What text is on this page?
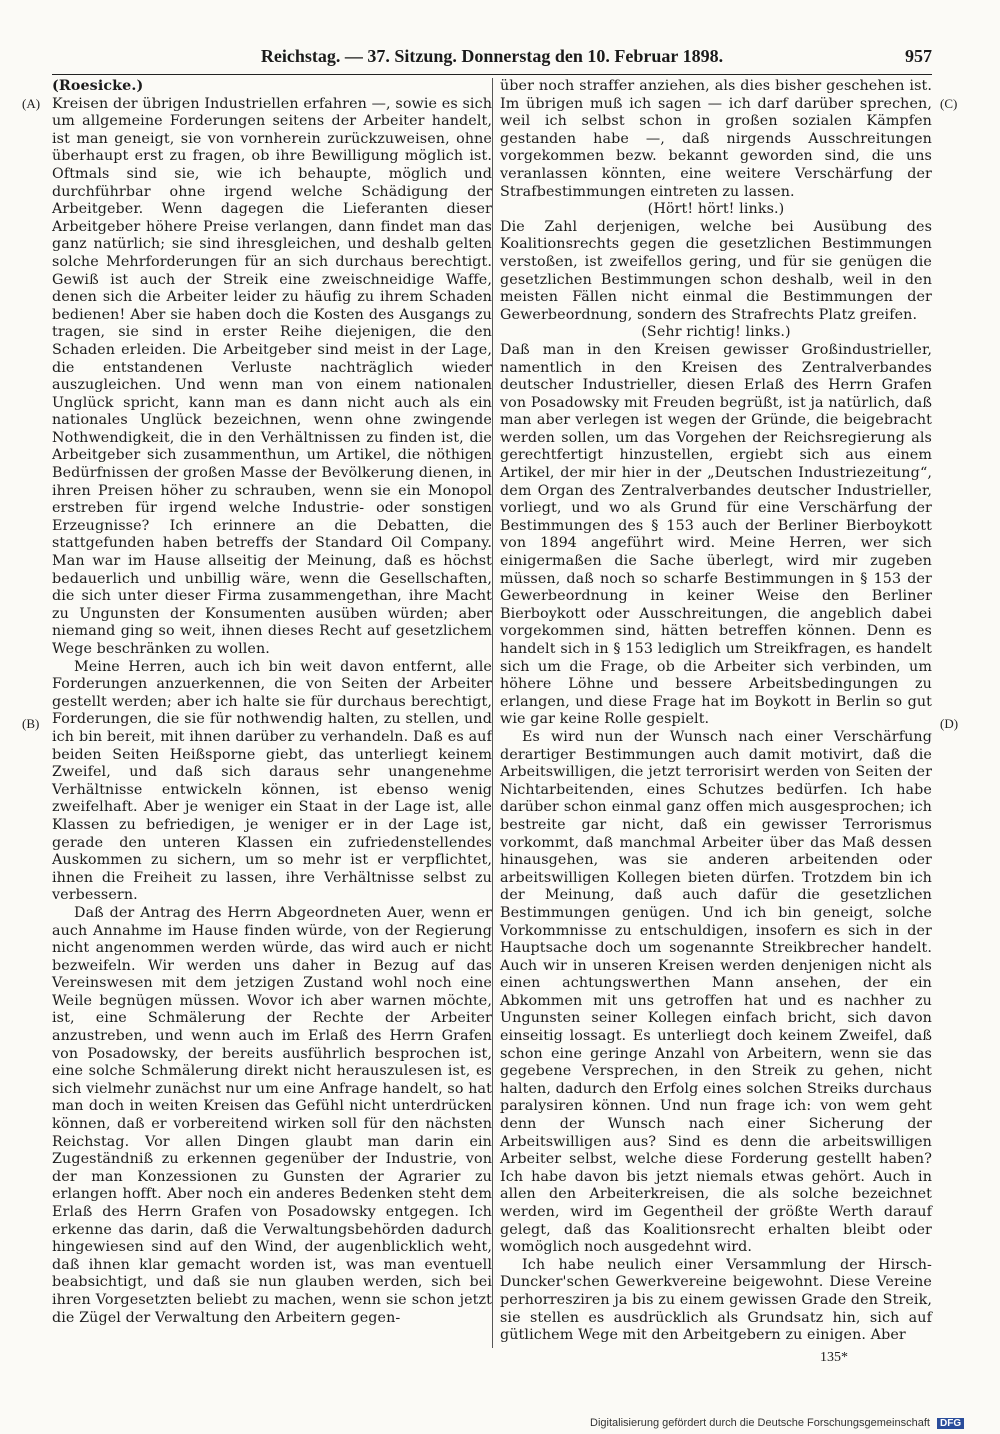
Reichstag. — 37. Sitzung. Donnerstag den 10. Februar 1898.	957
(A)
(B)
(C)
(D)

(Roesicke.)

Kreisen der übrigen Industriellen erfahren —, sowie es sich um allgemeine Forderungen seitens der Arbeiter handelt, ist man geneigt, sie von vornherein zurückzuweisen, ohne überhaupt erst zu fragen, ob ihre Bewilligung möglich ist. Oftmals sind sie, wie ich behaupte, möglich und durchführbar ohne irgend welche Schädigung der Arbeitgeber. Wenn dagegen die Lieferanten dieser Arbeitgeber höhere Preise verlangen, dann findet man das ganz natürlich; sie sind ihresgleichen, und deshalb gelten solche Mehrforderungen für an sich durchaus berechtigt. Gewiß ist auch der Streik eine zweischneidige Waffe, denen sich die Arbeiter leider zu häufig zu ihrem Schaden bedienen! Aber sie haben doch die Kosten des Ausgangs zu tragen, sie sind in erster Reihe diejenigen, die den Schaden erleiden. Die Arbeitgeber sind meist in der Lage, die entstandenen Verluste nachträglich wieder auszugleichen. Und wenn man von einem nationalen Unglück spricht, kann man es dann nicht auch als ein nationales Unglück bezeichnen, wenn ohne zwingende Nothwendigkeit, die in den Verhältnissen zu finden ist, die Arbeitgeber sich zusammenthun, um Artikel, die nöthigen Bedürfnissen der großen Masse der Bevölkerung dienen, in ihren Preisen höher zu schrauben, wenn sie ein Monopol erstreben für irgend welche Industrie- oder sonstigen Erzeugnisse? Ich erinnere an die Debatten, die stattgefunden haben betreffs der Standard Oil Company. Man war im Hause allseitig der Meinung, daß es höchst bedauerlich und unbillig wäre, wenn die Gesellschaften, die sich unter dieser Firma zusammengethan, ihre Macht zu Ungunsten der Konsumenten ausüben würden; aber niemand ging so weit, ihnen dieses Recht auf gesetzlichem Wege beschränken zu wollen.

Meine Herren, auch ich bin weit davon entfernt, alle Forderungen anzuerkennen, die von Seiten der Arbeiter gestellt werden; aber ich halte sie für durchaus berechtigt, Forderungen, die sie für nothwendig halten, zu stellen, und ich bin bereit, mit ihnen darüber zu verhandeln. Daß es auf beiden Seiten Heißsporne giebt, das unterliegt keinem Zweifel, und daß sich daraus sehr unangenehme Verhältnisse entwickeln können, ist ebenso wenig zweifelhaft. Aber je weniger ein Staat in der Lage ist, alle Klassen zu befriedigen, je weniger er in der Lage ist, gerade den unteren Klassen ein zufriedenstellendes Auskommen zu sichern, um so mehr ist er verpflichtet, ihnen die Freiheit zu lassen, ihre Verhältnisse selbst zu verbessern.

Daß der Antrag des Herrn Abgeordneten Auer, wenn er auch Annahme im Hause finden würde, von der Regierung nicht angenommen werden würde, das wird auch er nicht bezweifeln. Wir werden uns daher in Bezug auf das Vereinswesen mit dem jetzigen Zustand wohl noch eine Weile begnügen müssen. Wovor ich aber warnen möchte, ist, eine Schmälerung der Rechte der Arbeiter anzustreben, und wenn auch im Erlaß des Herrn Grafen von Posadowsky, der bereits ausführlich besprochen ist, eine solche Schmälerung direkt nicht herauszulesen ist, es sich vielmehr zunächst nur um eine Anfrage handelt, so hat man doch in weiten Kreisen das Gefühl nicht unterdrücken können, daß er vorbereitend wirken soll für den nächsten Reichstag. Vor allen Dingen glaubt man darin ein Zugeständniß zu erkennen gegenüber der Industrie, von der man Konzessionen zu Gunsten der Agrarier zu erlangen hofft. Aber noch ein anderes Bedenken steht dem Erlaß des Herrn Grafen von Posadowsky entgegen. Ich erkenne das darin, daß die Verwaltungsbehörden dadurch hingewiesen sind auf den Wind, der augenblicklich weht, daß ihnen klar gemacht worden ist, was man eventuell beabsichtigt, und daß sie nun glauben werden, sich bei ihren Vorgesetzten beliebt zu machen, wenn sie schon jetzt die Zügel der Verwaltung den Arbeitern gegen-

über noch straffer anziehen, als dies bisher geschehen ist. Im übrigen muß ich sagen — ich darf darüber sprechen, weil ich selbst schon in großen sozialen Kämpfen gestanden habe —, daß nirgends Ausschreitungen vorgekommen bezw. bekannt geworden sind, die uns veranlassen könnten, eine weitere Verschärfung der Strafbestimmungen eintreten zu lassen.

(Hört! hört! links.)

Die Zahl derjenigen, welche bei Ausübung des Koalitionsrechts gegen die gesetzlichen Bestimmungen verstoßen, ist zweifellos gering, und für sie genügen die gesetzlichen Bestimmungen schon deshalb, weil in den meisten Fällen nicht einmal die Bestimmungen der Gewerbeordnung, sondern des Strafrechts Platz greifen.

(Sehr richtig! links.)

Daß man in den Kreisen gewisser Großindustrieller, namentlich in den Kreisen des Zentralverbandes deutscher Industrieller, diesen Erlaß des Herrn Grafen von Posadowsky mit Freuden begrüßt, ist ja natürlich, daß man aber verlegen ist wegen der Gründe, die beigebracht werden sollen, um das Vorgehen der Reichsregierung als gerechtfertigt hinzustellen, ergiebt sich aus einem Artikel, der mir hier in der „Deutschen Industriezeitung“, dem Organ des Zentralverbandes deutscher Industrieller, vorliegt, und wo als Grund für eine Verschärfung der Bestimmungen des § 153 auch der Berliner Bierboykott von 1894 angeführt wird. Meine Herren, wer sich einigermaßen die Sache überlegt, wird mir zugeben müssen, daß noch so scharfe Bestimmungen in § 153 der Gewerbeordnung in keiner Weise den Berliner Bierboykott oder Ausschreitungen, die angeblich dabei vorgekommen sind, hätten betreffen können. Denn es handelt sich in § 153 lediglich um Streikfragen, es handelt sich um die Frage, ob die Arbeiter sich verbinden, um höhere Löhne und bessere Arbeitsbedingungen zu erlangen, und diese Frage hat im Boykott in Berlin so gut wie gar keine Rolle gespielt.

Es wird nun der Wunsch nach einer Verschärfung derartiger Bestimmungen auch damit motivirt, daß die Arbeitswilligen, die jetzt terrorisirt werden von Seiten der Nichtarbeitenden, eines Schutzes bedürfen. Ich habe darüber schon einmal ganz offen mich ausgesprochen; ich bestreite gar nicht, daß ein gewisser Terrorismus vorkommt, daß manchmal Arbeiter über das Maß dessen hinausgehen, was sie anderen arbeitenden oder arbeitswilligen Kollegen bieten dürfen. Trotzdem bin ich der Meinung, daß auch dafür die gesetzlichen Bestimmungen genügen. Und ich bin geneigt, solche Vorkommnisse zu entschuldigen, insofern es sich in der Hauptsache doch um sogenannte Streikbrecher handelt. Auch wir in unseren Kreisen werden denjenigen nicht als einen achtungswerthen Mann ansehen, der ein Abkommen mit uns getroffen hat und es nachher zu Ungunsten seiner Kollegen einfach bricht, sich davon einseitig lossagt. Es unterliegt doch keinem Zweifel, daß schon eine geringe Anzahl von Arbeitern, wenn sie das gegebene Versprechen, in den Streik zu gehen, nicht halten, dadurch den Erfolg eines solchen Streiks durchaus paralysiren können. Und nun frage ich: von wem geht denn der Wunsch nach einer Sicherung der Arbeitswilligen aus? Sind es denn die arbeitswilligen Arbeiter selbst, welche diese Forderung gestellt haben? Ich habe davon bis jetzt niemals etwas gehört. Auch in allen den Arbeiterkreisen, die als solche bezeichnet werden, wird im Gegentheil der größte Werth darauf gelegt, daß das Koalitionsrecht erhalten bleibt oder womöglich noch ausgedehnt wird.

Ich habe neulich einer Versammlung der Hirsch-Duncker'schen Gewerkvereine beigewohnt. Diese Vereine perhorresziren ja bis zu einem gewissen Grade den Streik, sie stellen es ausdrücklich als Grundsatz hin, sich auf gütlichem Wege mit den Arbeitgebern zu einigen. Aber

135*
Digitalisierung gefördert durch die Deutsche Forschungsgemeinschaft DFG
